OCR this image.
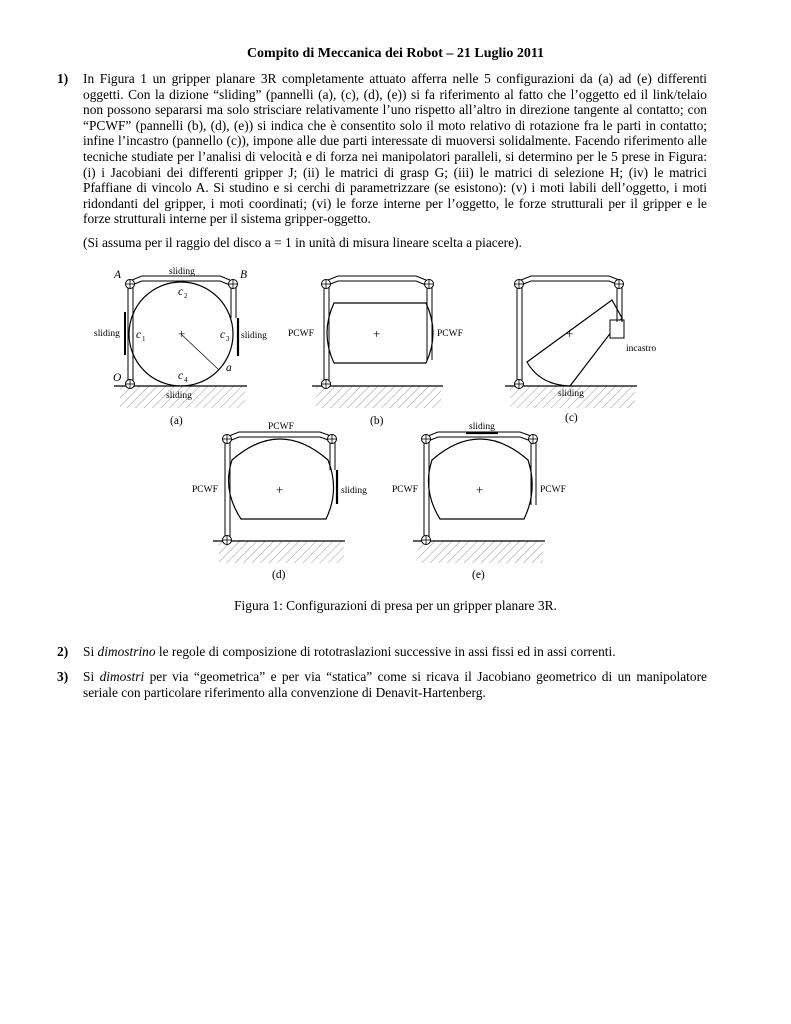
Compito di Meccanica dei Robot – 21 Luglio 2011
1) In Figura 1 un gripper planare 3R completamente attuato afferra nelle 5 configurazioni da (a) ad (e) differenti oggetti. Con la dizione “sliding” (pannelli (a), (c), (d), (e)) si fa riferimento al fatto che l’oggetto ed il link/telaio non possono separarsi ma solo strisciare relativamente l’uno rispetto all’altro in direzione tangente al contatto; con “PCWF” (pannelli (b), (d), (e)) si indica che è consentito solo il moto relativo di rotazione fra le parti in contatto; infine l’incastro (pannello (c)), impone alle due parti interessate di muoversi solidalmente. Facendo riferimento alle tecniche studiate per l’analisi di velocità e di forza nei manipolatori paralleli, si determino per le 5 prese in Figura: (i) i Jacobiani dei differenti gripper J; (ii) le matrici di grasp G; (iii) le matrici di selezione H; (iv) le matrici Pfaffiane di vincolo A. Si studino e si cerchi di parametrizzare (se esistono): (v) i moti labili dell’oggetto, i moti ridondanti del gripper, i moti coordinati; (vi) le forze interne per l’oggetto, le forze strutturali per il gripper e le forze strutturali interne per il sistema gripper-oggetto.
(Si assuma per il raggio del disco a = 1 in unità di misura lineare scelta a piacere).
+
A	B
O
a
sliding
sliding	sliding
sliding
c 2
c 1	c 3
c 4
(a)
+
PCWF	PCWF
(b)
+
incastro
sliding
(c)
+
PCWF
PCWF	sliding
(d)
+
sliding
PCWF	PCWF
(e)
Figura 1: Configurazioni di presa per un gripper planare 3R.
2) Si dimostrino le regole di composizione di rototraslazioni successive in assi fissi ed in assi correnti.
3) Si dimostri per via “geometrica” e per via “statica” come si ricava il Jacobiano geometrico di un manipolatore seriale con particolare riferimento alla convenzione di Denavit-Hartenberg.
